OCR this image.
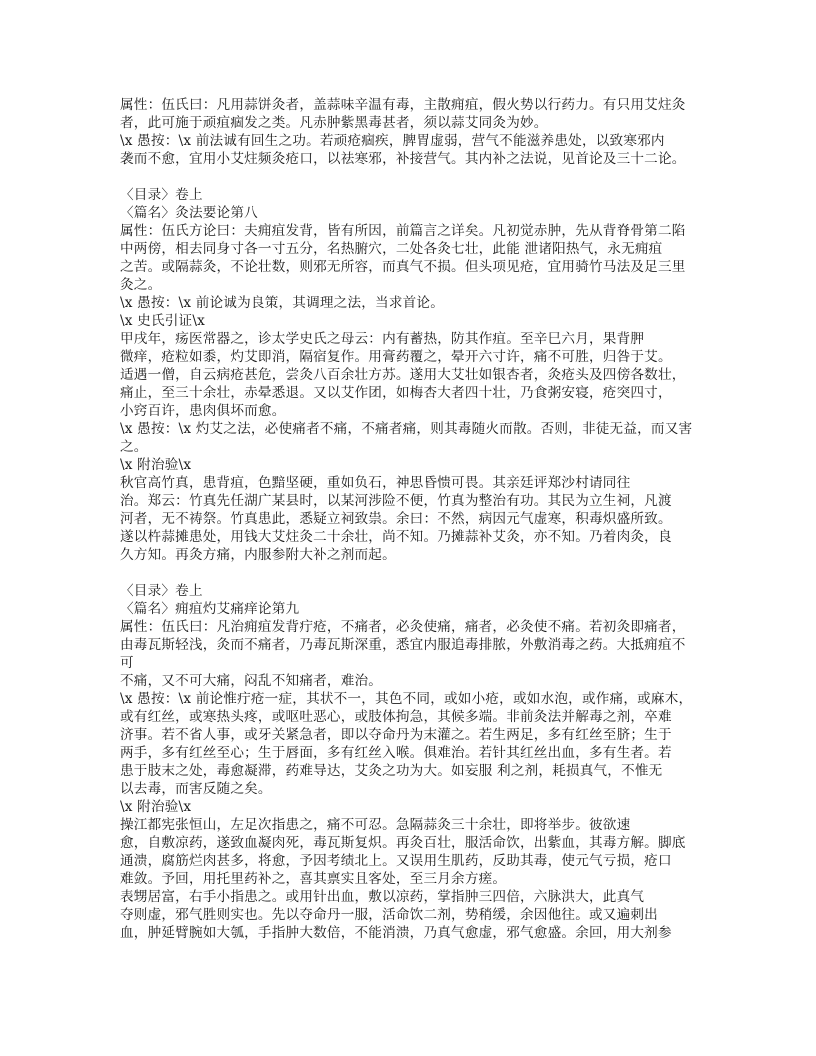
属性：伍氏曰：凡用蒜饼灸者，盖蒜味辛温有毒，主散痈疽，假火势以行药力。有只用艾炷灸
者，此可施于顽疽痼发之类。凡赤肿紫黑毒甚者，须以蒜艾同灸为妙。
\x 愚按：\x 前法诚有回生之功。若顽疮痼疾，脾胃虚弱，营气不能滋养患处，以致寒邪内
袭而不愈，宜用小艾炷频灸疮口，以祛寒邪，补接营气。其内补之法说，见首论及三十二论。
〈目录〉卷上
〈篇名〉灸法要论第八
属性：伍氏方论曰：夫痈疽发背，皆有所因，前篇言之详矣。凡初觉赤肿，先从背脊骨第二陷
中两傍，相去同身寸各一寸五分，名热腑穴，二处各灸七壮，此能 泄诸阳热气，永无痈疽
之苦。或隔蒜灸，不论壮数，则邪无所容，而真气不损。但头项见疮，宜用骑竹马法及足三里
灸之。
\x 愚按：\x 前论诚为良策，其调理之法，当求首论。
\x 史氏引证\x
甲戌年，疡医常器之，诊太学史氏之母云：内有蓄热，防其作疽。至辛巳六月，果背胛
微痒，疮粒如黍，灼艾即消，隔宿复作。用膏药覆之，晕开六寸许，痛不可胜，归咎于艾。
适遇一僧，自云病疮甚危，尝灸八百余壮方苏。遂用大艾壮如银杏者，灸疮头及四傍各数壮，
痛止，至三十余壮，赤晕悉退。又以艾作团，如梅杏大者四十壮，乃食粥安寝，疮突四寸，
小窍百许，患肉俱坏而愈。
\x 愚按：\x 灼艾之法，必使痛者不痛，不痛者痛，则其毒随火而散。否则，非徒无益，而又害
之。
\x 附治验\x
秋官高竹真，患背疽，色黯坚硬，重如负石，神思昏愦可畏。其亲廷评郑沙村请同往
治。郑云：竹真先任湖广某县时，以某河涉险不便，竹真为整治有功。其民为立生祠，凡渡
河者，无不祷祭。竹真患此，悉疑立祠致祟。余曰：不然，病因元气虚寒，积毒炽盛所致。
遂以杵蒜摊患处，用钱大艾炷灸二十余壮，尚不知。乃摊蒜补艾灸，亦不知。乃着肉灸，良
久方知。再灸方痛，内服参附大补之剂而起。
〈目录〉卷上
〈篇名〉痈疽灼艾痛痒论第九
属性：伍氏曰：凡治痈疽发背疔疮，不痛者，必灸使痛，痛者，必灸使不痛。若初灸即痛者，
由毒瓦斯轻浅，灸而不痛者，乃毒瓦斯深重，悉宜内服追毒排脓，外敷消毒之药。大抵痈疽不
可
不痛，又不可大痛，闷乱不知痛者，难治。
\x 愚按：\x 前论惟疔疮一症，其状不一，其色不同，或如小疮，或如水泡，或作痛，或麻木，
或有红丝，或寒热头疼，或呕吐恶心，或肢体拘急，其候多端。非前灸法并解毒之剂，卒难
济事。若不省人事，或牙关紧急者，即以夺命丹为末灌之。若生两足，多有红丝至脐；生于
两手，多有红丝至心；生于唇面，多有红丝入喉。俱难治。若针其红丝出血，多有生者。若
患于肢末之处，毒愈凝滞，药难导达，艾灸之功为大。如妄服 利之剂，耗损真气，不惟无
以去毒，而害反随之矣。
\x 附治验\x
操江都宪张恒山，左足次指患之，痛不可忍。急隔蒜灸三十余壮，即将举步。彼欲速
愈，自敷凉药，遂致血凝肉死，毒瓦斯复炽。再灸百壮，服活命饮，出紫血，其毒方解。脚底
通溃，腐筋烂肉甚多，将愈，予因考绩北上。又误用生肌药，反助其毒，使元气亏损，疮口
难敛。予回，用托里药补之，喜其禀实且客处，至三月余方瘥。
表甥居富，右手小指患之。或用针出血，敷以凉药，掌指肿三四倍，六脉洪大，此真气
夺则虚，邪气胜则实也。先以夺命丹一服，活命饮二剂，势稍缓，余因他往。或又遍刺出
血，肿延臂腕如大瓠，手指肿大数倍，不能消溃，乃真气愈虚，邪气愈盛。余回，用大剂参
